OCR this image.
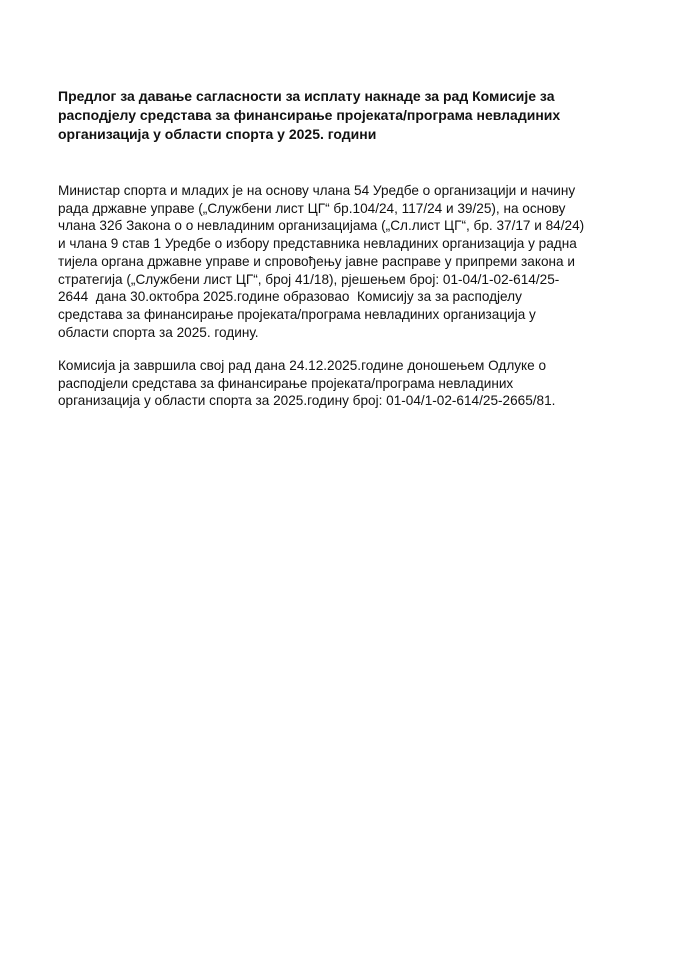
Предлог за давање сагласности за исплату накнаде за рад Комисије за
расподјелу средстава за финансирање пројеката/програма невладиних
организација у области спорта у 2025. години
Министар спорта и младих је на основу члана 54 Уредбе о организацији и начину
рада државне управе („Службени лист ЦГ“ бр.104/24, 117/24 и 39/25), на основу
члана 32б Закона о о невладиним организацијама („Сл.лист ЦГ“, бр. 37/17 и 84/24)
и члана 9 став 1 Уредбе о избору представника невладиних организација у радна
тијела органа државне управе и спровођењу јавне расправе у припреми закона и
стратегија („Службени лист ЦГ“, број 41/18), рјешењем број: 01-04/1-02-614/25-
2644  дана 30.октобра 2025.године образовао  Комисију за за расподјелу
средстава за финансирање пројеката/програма невладиних организација у
области спорта за 2025. годину.
Комисија ја завршила свој рад дана 24.12.2025.године доношењем Одлуке о
расподјели средстава за финансирање пројеката/програма невладиних
организација у области спорта за 2025.годину број: 01-04/1-02-614/25-2665/81.
